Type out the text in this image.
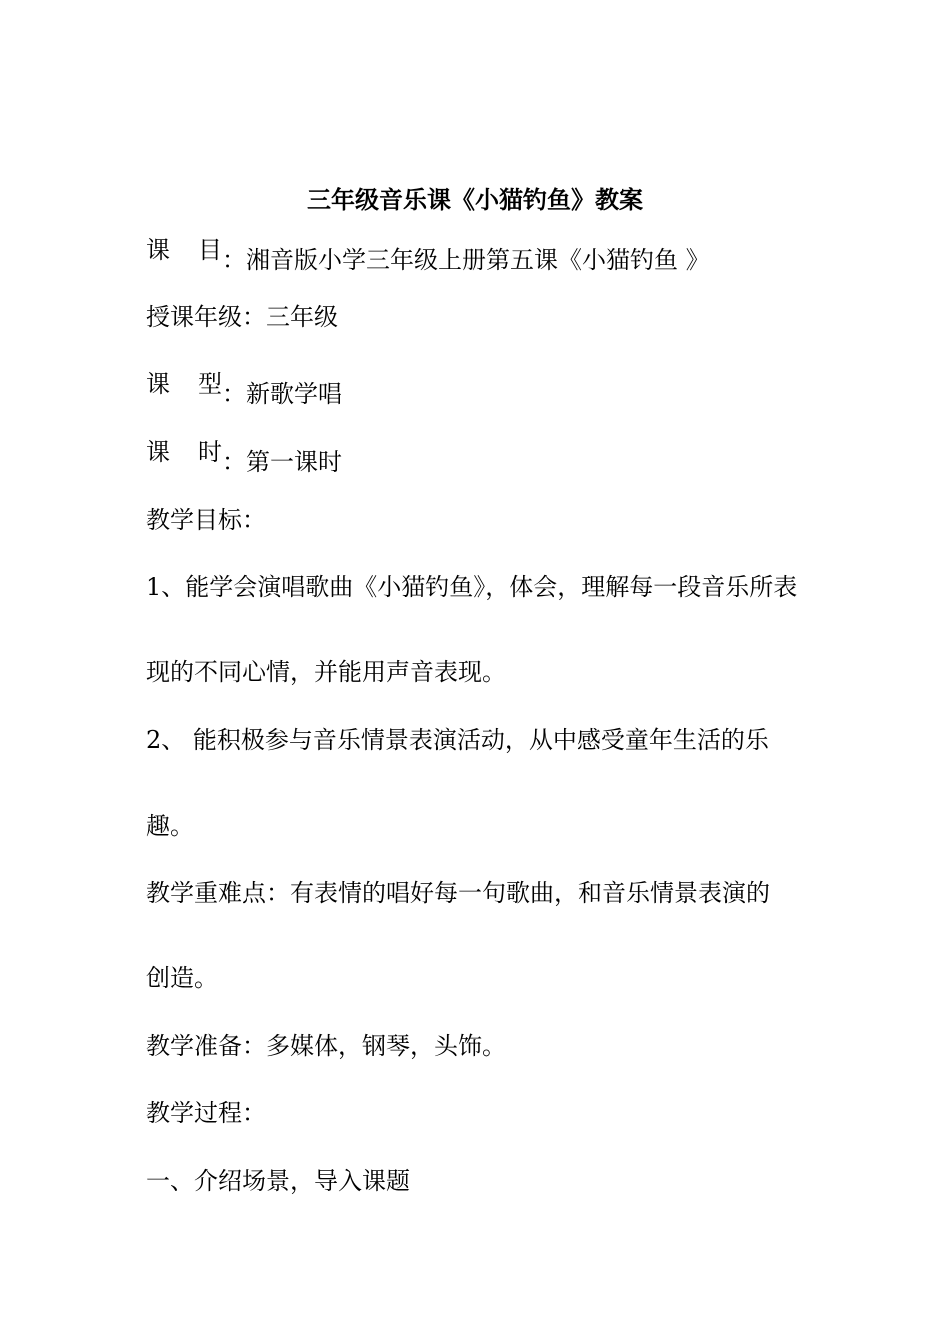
三年级音乐课《小猫钓鱼》教案
课 目 ：湘音版小学三年级上册第五课《小猫钓鱼 》
授课年级：三年级
课 型 ：新歌学唱
课 时 ：第一课时
教学目标：
1、能学会演唱歌曲《小猫钓鱼》，体会，理解每一段音乐所表
现的不同心情，并能用声音表现。
2、 能积极参与音乐情景表演活动，从中感受童年生活的乐
趣。
教学重难点：有表情的唱好每一句歌曲，和音乐情景表演的
创造。
教学准备：多媒体，钢琴，头饰。
教学过程：
一、介绍场景，导入课题
